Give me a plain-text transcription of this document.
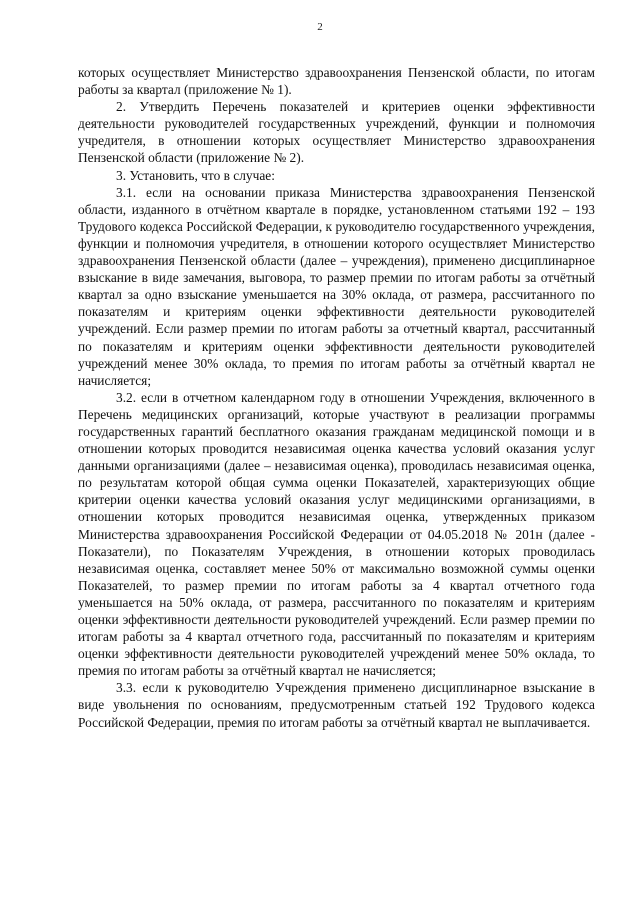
2

которых осуществляет Министерство здравоохранения Пензенской области, по итогам работы за квартал (приложение № 1).

2. Утвердить Перечень показателей и критериев оценки эффективности деятельности руководителей государственных учреждений, функции и полномочия учредителя, в отношении которых осуществляет Министерство здравоохранения Пензенской области (приложение № 2).

3. Установить, что в случае:

3.1. если на основании приказа Министерства здравоохранения Пензенской области, изданного в отчётном квартале в порядке, установленном статьями 192 – 193 Трудового кодекса Российской Федерации, к руководителю государственного учреждения, функции и полномочия учредителя, в отношении которого осуществляет Министерство здравоохранения Пензенской области (далее – учреждения), применено дисциплинарное взыскание в виде замечания, выговора, то размер премии по итогам работы за отчётный квартал за одно взыскание уменьшается на 30% оклада, от размера, рассчитанного по показателям и критериям оценки эффективности деятельности руководителей учреждений. Если размер премии по итогам работы за отчетный квартал, рассчитанный по показателям и критериям оценки эффективности деятельности руководителей учреждений менее 30% оклада, то премия по итогам работы за отчётный квартал не начисляется;

3.2. если в отчетном календарном году в отношении Учреждения, включенного в Перечень медицинских организаций, которые участвуют в реализации программы государственных гарантий бесплатного оказания гражданам медицинской помощи и в отношении которых проводится независимая оценка качества условий оказания услуг данными организациями (далее – независимая оценка), проводилась независимая оценка, по результатам которой общая сумма оценки Показателей, характеризующих общие критерии оценки качества условий оказания услуг медицинскими организациями, в отношении которых проводится независимая оценка, утвержденных приказом Министерства здравоохранения Российской Федерации от 04.05.2018 № 201н (далее - Показатели), по Показателям Учреждения, в отношении которых проводилась независимая оценка, составляет менее 50% от максимально возможной суммы оценки Показателей, то размер премии по итогам работы за 4 квартал отчетного года уменьшается на 50% оклада, от размера, рассчитанного по показателям и критериям оценки эффективности деятельности руководителей учреждений. Если размер премии по итогам работы за 4 квартал отчетного года, рассчитанный по показателям и критериям оценки эффективности деятельности руководителей учреждений менее 50% оклада, то премия по итогам работы за отчётный квартал не начисляется;

3.3. если к руководителю Учреждения применено дисциплинарное взыскание в виде увольнения по основаниям, предусмотренным статьей 192 Трудового кодекса Российской Федерации, премия по итогам работы за отчётный квартал не выплачивается.
